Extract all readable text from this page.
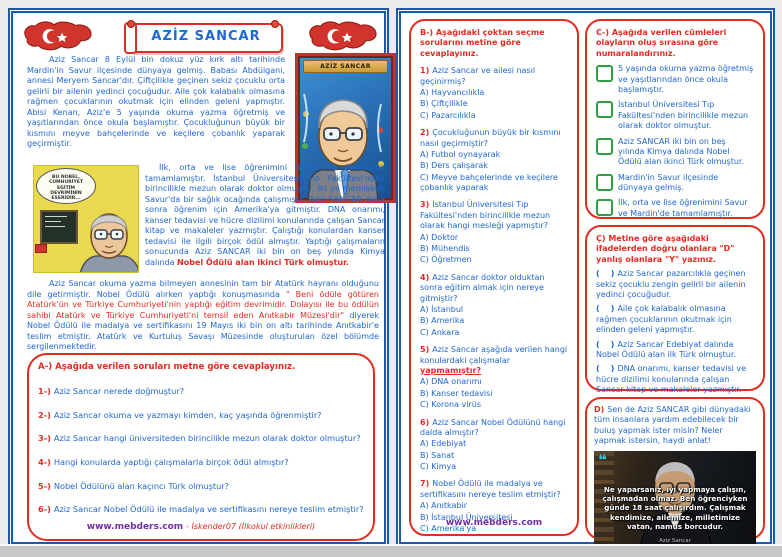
AZİZ SANCAR
Aziz Sancar 8 Eylül bin dokuz yüz kırk altı tarihinde Mardin'in Savur ilçesinde dünyaya gelmiş. Babası Abdülgani, annesi Meryem Sancar'dır. Çiftçilikle geçinen sekiz çocuklu orta gelirli bir ailenin yedinci çocuğudur. Aile çok kalabalık olmasına rağmen çocuklarının okutmak için elinden geleni yapmıştır. Abisi Kenan, Aziz'e 5 yaşında okuma yazma öğretmiş ve yaşıtlarından önce okula başlamıştır. Çocukluğunun büyük bir kısmını meyve bahçelerinde ve keçilere çobanlık yaparak geçirmiştir.
AZİZ SANCAR
BU NOBEL, CUMHURİYET EĞİTİM DEVRİMİNİN ESERİDİR...
İlk, orta ve lise öğrenimini Savur ve Mardin'de tamamlamıştır. İstanbul Üniversitesi Tıp Fakültesi'nden birincilikle mezun olarak doktor olmuştur. İki yıl memleketi Savur'da bir sağlık ocağında çalışmıştır. Aziz SANCAR daha sonra öğrenim için Amerika'ya gitmiştir. DNA onarımı, kanser tedavisi ve hücre dizilimi konularında çalışan Sancar kitap ve makaleler yazmıştır. Çalıştığı konulardan kanser tedavisi ile ilgili birçok ödül almıştır. Yaptığı çalışmaların sonucunda Aziz SANCAR iki bin on beş yılında Kimya dalında Nobel Ödülü alan ikinci Türk olmuştur.
Aziz Sancar okuma yazma bilmeyen annesinin tam bir Atatürk hayranı olduğunu dile getirmiştir. Nobel Ödülü alırken yaptığı konuşmasında " Beni ödüle götüren Atatürk'ün ve Türkiye Cumhuriyeti'nin yaptığı eğitim devrimidir. Dolayısı ile bu ödülün sahibi Atatürk ve Türkiye Cumhuriyeti'ni temsil eden Anıtkabir Müzesi'dir" diyerek Nobel Ödülü ile madalya ve sertifikasını 19 Mayıs iki bin on altı tarihinde Anıtkabir'e teslim etmiştir. Atatürk ve Kurtuluş Savaşı Müzesinde oluşturulan özel bölümde sergilenmektedir.
A-) Aşağıda verilen soruları metne göre cevaplayınız.
1-) Aziz Sancar nerede doğmuştur?
2-) Aziz Sancar okuma ve yazmayı kimden, kaç yaşında öğrenmiştir?
3-) Aziz Sancar hangi üniversiteden birincilikle mezun olarak doktor olmuştur?
4-) Hangi konularda yaptığı çalışmalarla birçok ödül almıştır?
5-) Nobel Ödülünü alan kaçıncı Türk olmuştur?
6-) Aziz Sancar Nobel Ödülü ile madalya ve sertifikasını nereye teslim etmiştir?
www.mebders.com - İskender07 (İlkokul etkinlikleri)
B-) Aşağıdaki çoktan seçme sorularını metine göre cevaplayınız.
1) Aziz Sancar ve ailesi nasıl geçinirmiş?
A) Hayvancılıkla
B) Çiftçilikle
C) Pazarcılıkla
2) Çocukluğunun büyük bir kısmını nasıl geçirmiştir?
A) Futbol oynayarak
B) Ders çalışarak
C) Meyve bahçelerinde ve keçilere çobanlık yaparak
3) İstanbul Üniversitesi Tıp Fakültesi'nden birincilikle mezun olarak hangi mesleği yapmıştır?
A) Doktor
B) Mühendis
C) Öğretmen
4) Aziz Sancar doktor olduktan sonra eğitim almak için nereye gitmiştir?
A) İstanbul
B) Amerika
C) Ankara
5) Aziz Sancar aşağıda verilen hangi konulardaki çalışmalar yapmamıştır?
A) DNA onarımı
B) Kanser tedavisi
C) Korona virüs
6) Aziz Sancar Nobel Ödülünü hangi dalda almıştır?
A) Edebiyat
B) Sanat
C) Kimya
7) Nobel Ödülü ile madalya ve sertifikasını nereye teslim etmiştir?
A) Anıtkabir
B) İstanbul Üniversitesi
C) Amerika'ya
www.mebders.com
C-) Aşağıda verilen cümleleri olayların oluş sırasına göre numaralandırınız.
5 yaşında okuma yazma öğretmiş ve yaşıtlarından önce okula başlamıştır.
İstanbul Üniversitesi Tıp Fakültesi'nden birincilikle mezun olarak doktor olmuştur.
Aziz SANCAR iki bin on beş yılında Kimya dalında Nobel Ödülü alan ikinci Türk olmuştur.
Mardin'in Savur ilçesinde dünyaya gelmiş.
İlk, orta ve lise öğrenimini Savur ve Mardin'de tamamlamıştır.
Ç) Metine göre aşağıdaki ifadelerden doğru olanlara "D" yanlış olanlara "Y" yazınız.
(    ) Aziz Sancar pazarcılıkla geçinen sekiz çocuklu zengin gelirli bir ailenin yedinci çocuğudur.
(    ) Aile çok kalabalık olmasına rağmen çocuklarının okutmak için elinden geleni yapmıştır.
(    ) Aziz Sancar Edebiyat dalında Nobel Ödülü alan ilk Türk olmuştur.
(    ) DNA onarımı, kanser tedavisi ve hücre dizilimi konularında çalışan Sancar kitap ve makaleler yazmıştır.
D) Sen de Aziz SANCAR gibi dünyadaki tüm insanlara yardım edebilecek bir buluş yapmak ister misin? Neler yapmak istersin, haydi anlat!
❝
Ne yaparsanız, iyi yapmaya çalışın, çalışmadan olmaz. Ben öğrenciyken günde 18 saat çalışırdım. Çalışmak kendimize, ailemize, milletimize vatan, namus borcudur.
Aziz Sancar
